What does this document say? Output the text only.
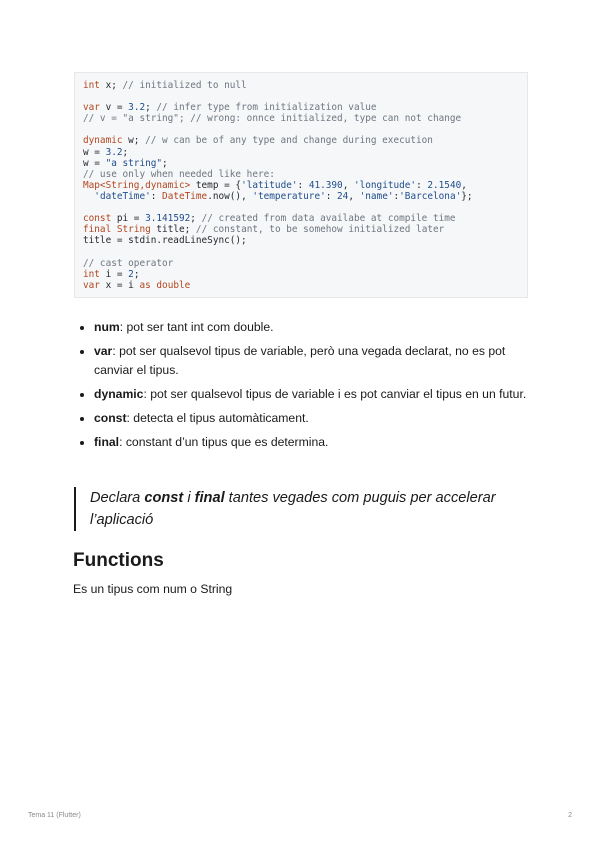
int x; // initialized to null
var v = 3.2; // infer type from initialization value
// v = "a string"; // wrong: onnce initialized, type can not change
dynamic w; // w can be of any type and change during execution
w = 3.2;
w = "a string";
// use only when needed like here:
Map<String,dynamic> temp = {'latitude': 41.390, 'longitude': 2.1540,
'dateTime': DateTime.now(), 'temperature': 24, 'name':'Barcelona'};
const pi = 3.141592; // created from data availabe at compile time
final String title; // constant, to be somehow initialized later
title = stdin.readLineSync();
// cast operator
int i = 2;
var x = i as double
num: pot ser tant int com double.
var: pot ser qualsevol tipus de variable, però una vegada declarat, no es pot canviar el tipus.
dynamic: pot ser qualsevol tipus de variable i es pot canviar el tipus en un futur.
const: detecta el tipus automàticament.
final: constant d’un tipus que es determina.
Declara const i final tantes vegades com puguis per accelerar l’aplicació
Functions
Es un tipus com num o String
Tema 11 (Flutter)	2
